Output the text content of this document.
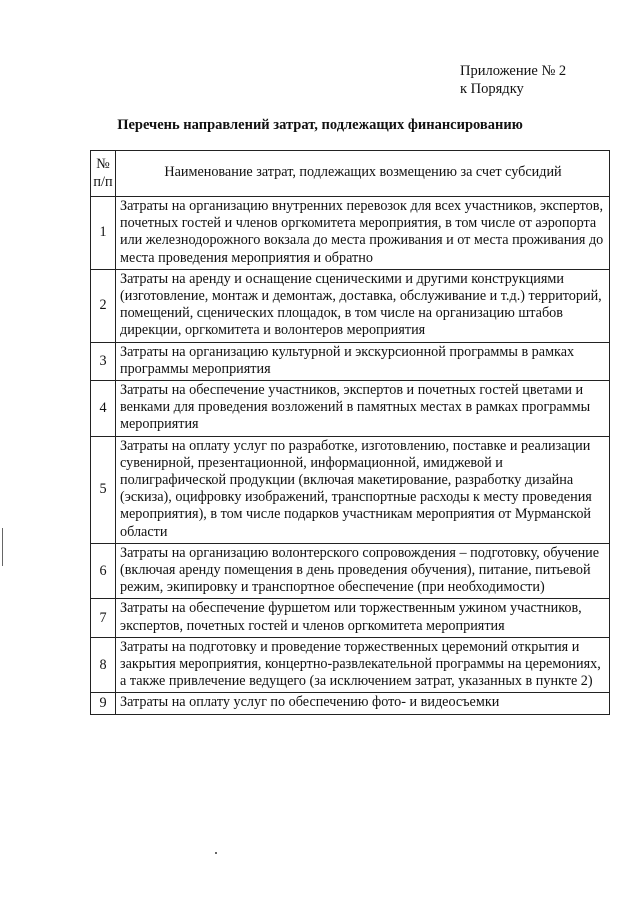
Приложение № 2
к Порядку
Перечень направлений затрат, подлежащих финансированию
№ п/п	Наименование затрат, подлежащих возмещению за счет субсидий
1	Затраты на организацию внутренних перевозок для всех участников, экспертов, почетных гостей и членов оргкомитета мероприятия, в том числе от аэропорта или железнодорожного вокзала до места проживания и от места проживания до места проведения мероприятия и обратно
2	Затраты на аренду и оснащение сценическими и другими конструкциями (изготовление, монтаж и демонтаж, доставка, обслуживание и т.д.) территорий, помещений, сценических площадок, в том числе на организацию штабов дирекции, оргкомитета и волонтеров мероприятия
3	Затраты на организацию культурной и экскурсионной программы в рамках программы мероприятия
4	Затраты на обеспечение участников, экспертов и почетных гостей цветами и венками для проведения возложений в памятных местах в рамках программы мероприятия
5	Затраты на оплату услуг по разработке, изготовлению, поставке и реализации сувенирной, презентационной, информационной, имиджевой и полиграфической продукции (включая макетирование, разработку дизайна (эскиза), оцифровку изображений, транспортные расходы к месту проведения мероприятия), в том числе подарков участникам мероприятия от Мурманской области
6	Затраты на организацию волонтерского сопровождения – подготовку, обучение (включая аренду помещения в день проведения обучения), питание, питьевой режим, экипировку и транспортное обеспечение (при необходимости)
7	Затраты на обеспечение фуршетом или торжественным ужином участников, экспертов, почетных гостей и членов оргкомитета мероприятия
8	Затраты на подготовку и проведение торжественных церемоний открытия и закрытия мероприятия, концертно-развлекательной программы на церемониях, а также привлечение ведущего (за исключением затрат, указанных в пункте 2)
9	Затраты на оплату услуг по обеспечению фото- и видеосъемки
